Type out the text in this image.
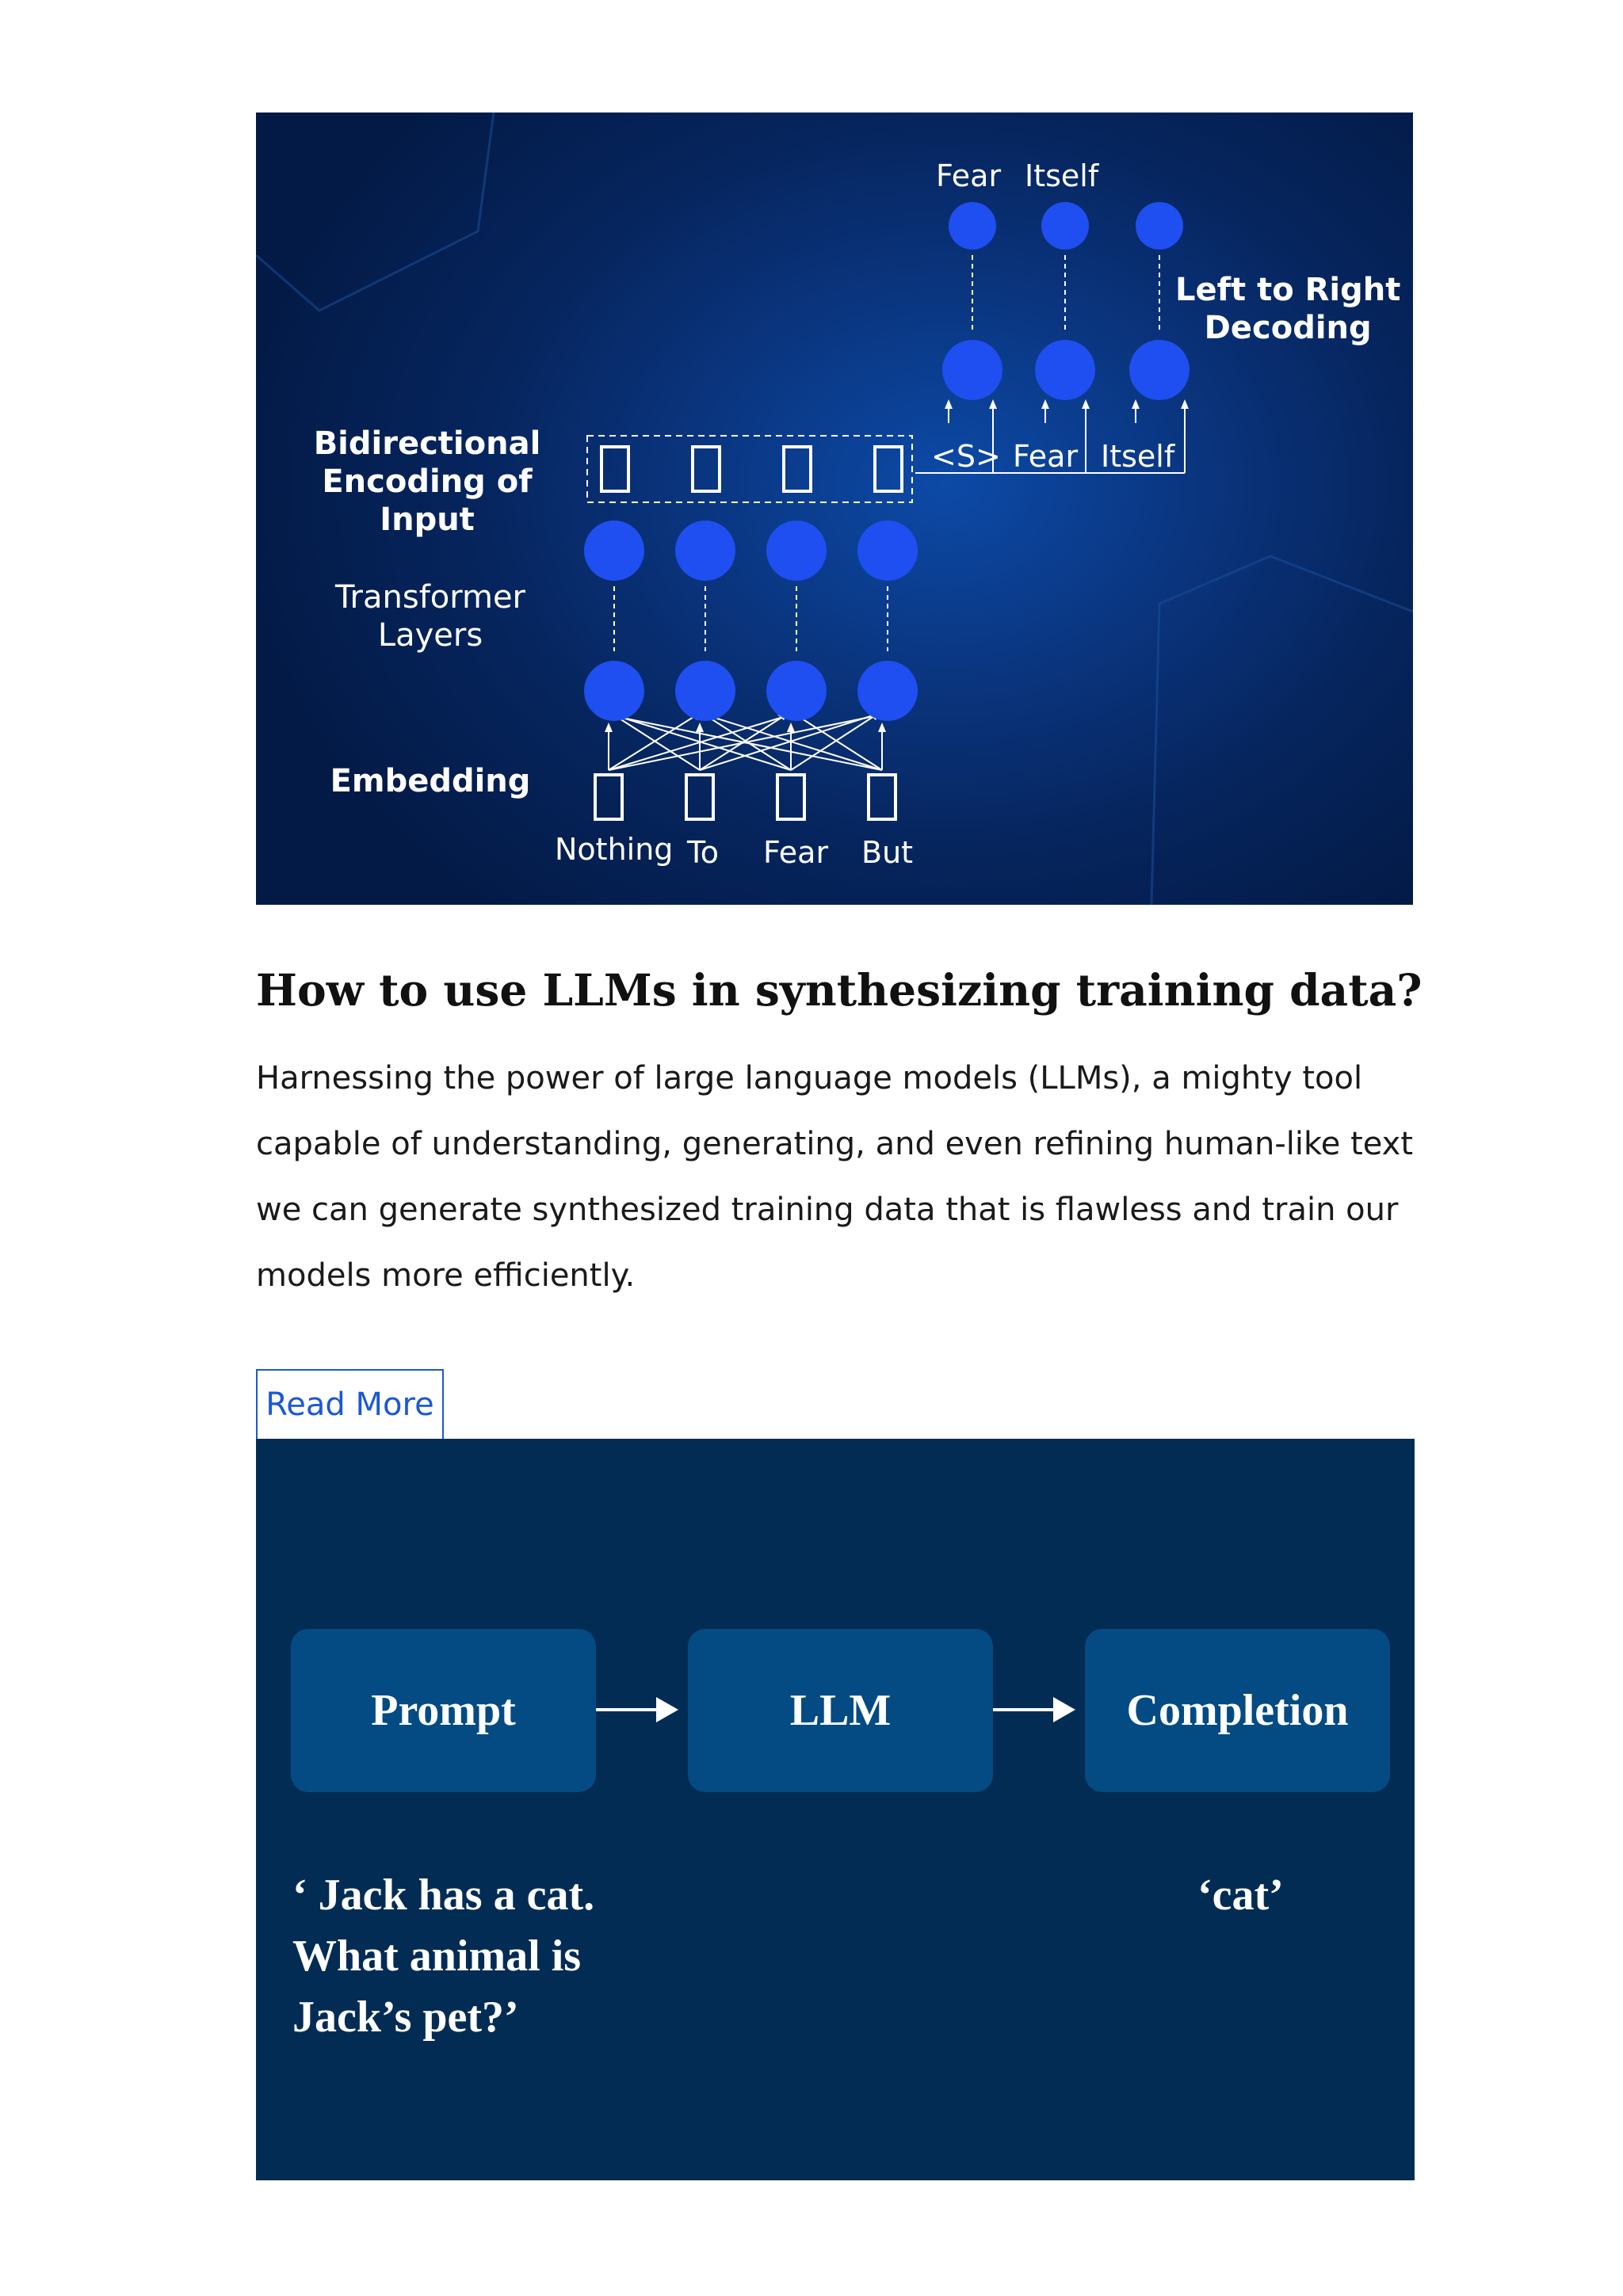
Fear Itself
Left to Right
Decoding
Bidirectional
Encoding of Input
<S> Fear Itself
Transformer
Layers
Embedding
Nothing To Fear But
How to use LLMs in synthesizing training data?

Harnessing the power of large language models (LLMs), a mighty tool capable of understanding, generating, and even refining human-like text we can generate synthesized training data that is flawless and train our models more efficiently.

Read More
Prompt	LLM	Completion
‘ Jack has a cat.
What animal is
Jack’s pet?’
‘cat’
